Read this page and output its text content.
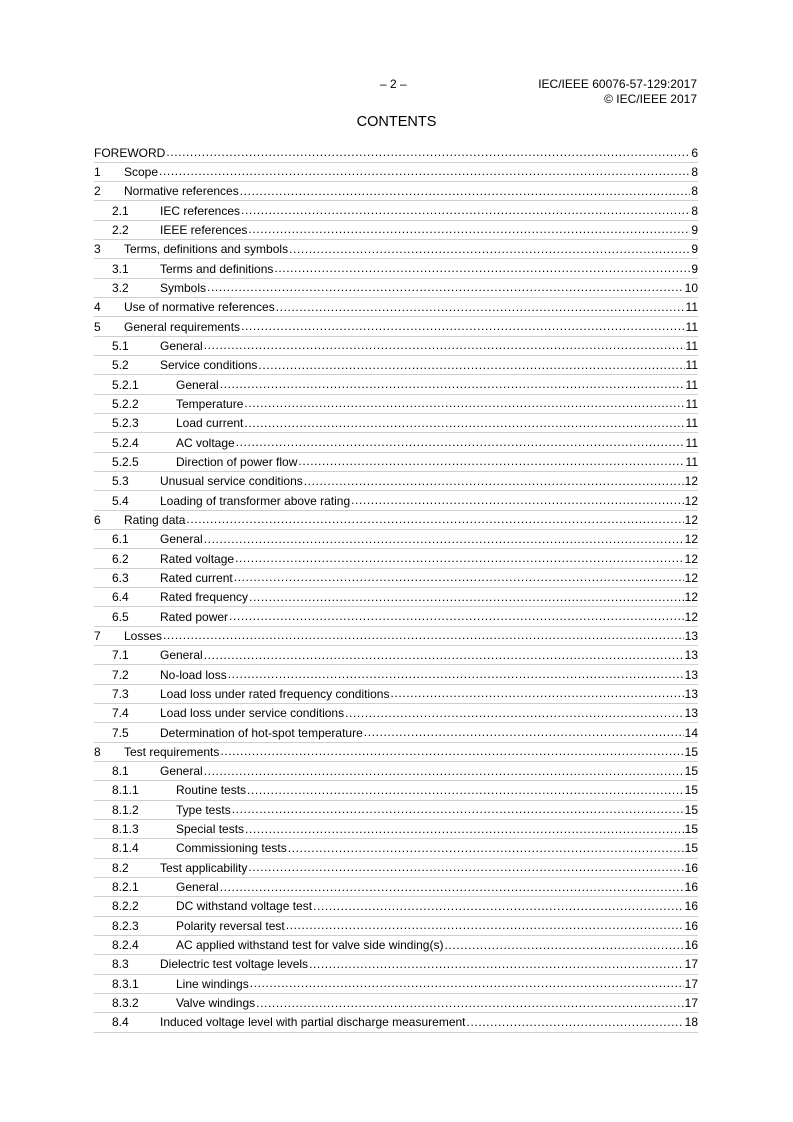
– 2 –	IEC/IEEE 60076-57-129:2017
© IEC/IEEE 2017
CONTENTS
FOREWORD .....	6
1	Scope .....	8
2	Normative references .....	8
2.1	IEC references .....	8
2.2	IEEE references .....	9
3	Terms, definitions and symbols .....	9
3.1	Terms and definitions .....	9
3.2	Symbols .....	10
4	Use of normative references .....	11
5	General requirements .....	11
5.1	General .....	11
5.2	Service conditions .....	11
5.2.1	General .....	11
5.2.2	Temperature .....	11
5.2.3	Load current .....	11
5.2.4	AC voltage .....	11
5.2.5	Direction of power flow .....	11
5.3	Unusual service conditions .....	12
5.4	Loading of transformer above rating .....	12
6	Rating data .....	12
6.1	General .....	12
6.2	Rated voltage .....	12
6.3	Rated current .....	12
6.4	Rated frequency .....	12
6.5	Rated power .....	12
7	Losses .....	13
7.1	General .....	13
7.2	No-load loss .....	13
7.3	Load loss under rated frequency conditions .....	13
7.4	Load loss under service conditions .....	13
7.5	Determination of hot-spot temperature .....	14
8	Test requirements .....	15
8.1	General .....	15
8.1.1	Routine tests .....	15
8.1.2	Type tests .....	15
8.1.3	Special tests .....	15
8.1.4	Commissioning tests .....	15
8.2	Test applicability .....	16
8.2.1	General .....	16
8.2.2	DC withstand voltage test .....	16
8.2.3	Polarity reversal test .....	16
8.2.4	AC applied withstand test for valve side winding(s) .....	16
8.3	Dielectric test voltage levels .....	17
8.3.1	Line windings .....	17
8.3.2	Valve windings .....	17
8.4	Induced voltage level with partial discharge measurement .....	18
